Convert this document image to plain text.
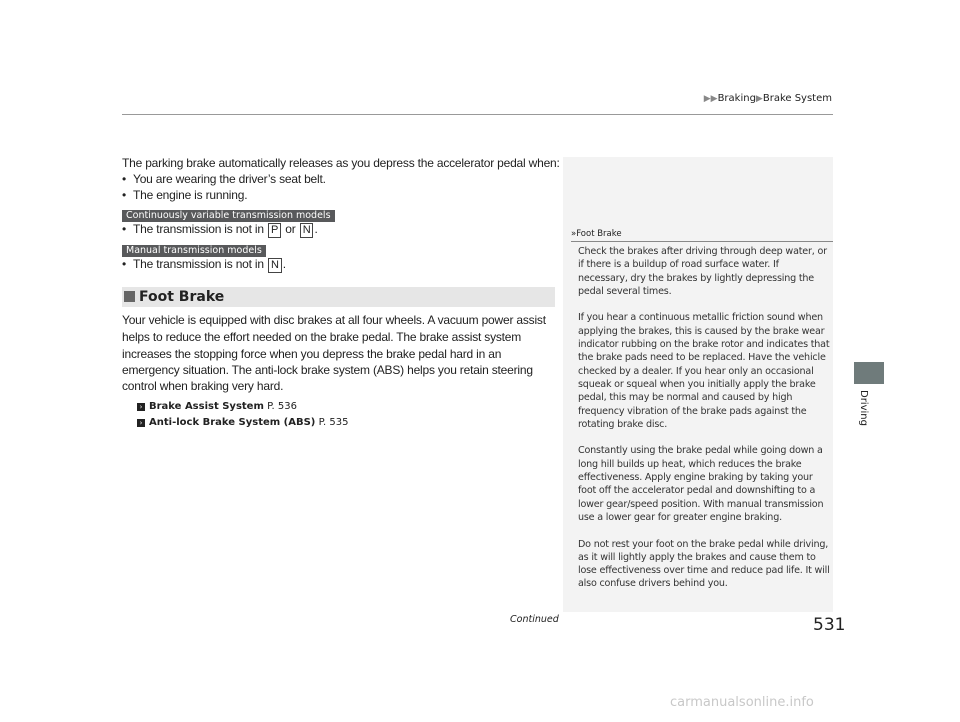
▶▶Braking▶Brake System
The parking brake automatically releases as you depress the accelerator pedal when:
• You are wearing the driver’s seat belt.
• The engine is running.
Continuously variable transmission models
• The transmission is not in P or N .
Manual transmission models
• The transmission is not in N .
Foot Brake
Your vehicle is equipped with disc brakes at all four wheels. A vacuum power assist
helps to reduce the effort needed on the brake pedal. The brake assist system
increases the stopping force when you depress the brake pedal hard in an
emergency situation. The anti-lock brake system (ABS) helps you retain steering
control when braking very hard.
› Brake Assist System P. 536
› Anti-lock Brake System (ABS) P. 535
»Foot Brake

Check the brakes after driving through deep water, or if there is a buildup of road surface water. If necessary, dry the brakes by lightly depressing the pedal several times.

If you hear a continuous metallic friction sound when applying the brakes, this is caused by the brake wear indicator rubbing on the brake rotor and indicates that the brake pads need to be replaced. Have the vehicle checked by a dealer. If you hear only an occasional squeak or squeal when you initially apply the brake pedal, this may be normal and caused by high frequency vibration of the brake pads against the rotating brake disc.

Constantly using the brake pedal while going down a long hill builds up heat, which reduces the brake effectiveness. Apply engine braking by taking your foot off the accelerator pedal and downshifting to a lower gear/speed position. With manual transmission use a lower gear for greater engine braking.

Do not rest your foot on the brake pedal while driving, as it will lightly apply the brakes and cause them to lose effectiveness over time and reduce pad life. It will also confuse drivers behind you.

Driving
Continued	531
carmanualsonline.info
